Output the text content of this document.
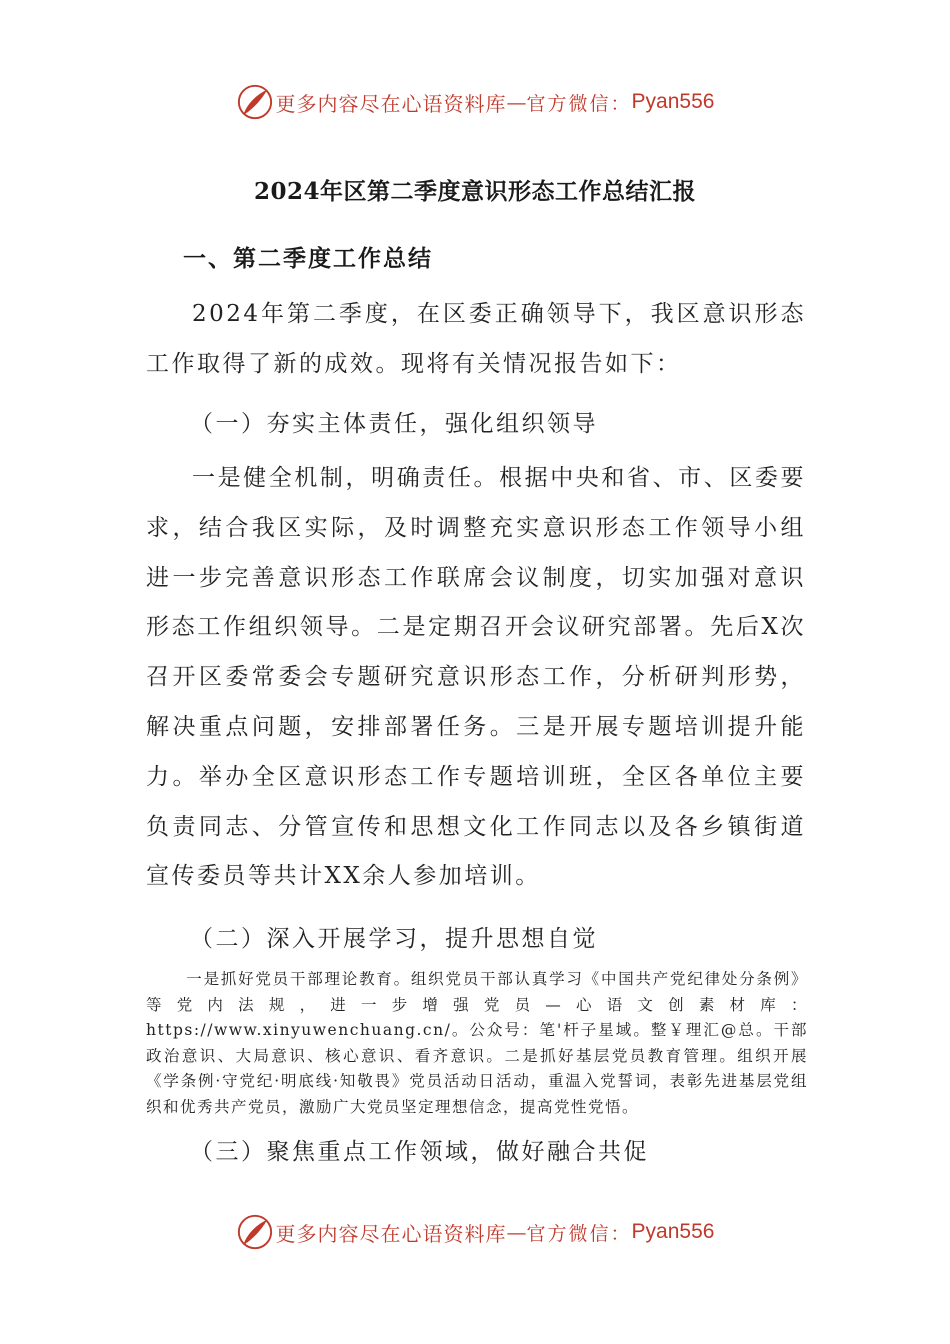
更多内容尽在心语资料库 — 官方微信： Pyan556
2024年区第二季度意识形态工作总结汇报
一、第二季度工作总结
2024年第二季度，在区委正确领导下，我区意识形态工作取得了新的成效。现将有关情况报告如下：
（一）夯实主体责任，强化组织领导
一是健全机制，明确责任。根据中央和省、市、区委要求，结合我区实际，及时调整充实意识形态工作领导小组进一步完善意识形态工作联席会议制度，切实加强对意识形态工作组织领导。二是定期召开会议研究部署。先后X次召开区委常委会专题研究意识形态工作，分析研判形势，解决重点问题，安排部署任务。三是开展专题培训提升能力。举办全区意识形态工作专题培训班，全区各单位主要负责同志、分管宣传和思想文化工作同志以及各乡镇街道宣传委员等共计XX余人参加培训。
（二）深入开展学习，提升思想自觉
一是抓好党员干部理论教育。组织党员干部认真学习《中国共产党纪律处分条例》等党内法规，进一步增强党员—心语文创素材库：https://www.xinyuwenchuang.cn/。公众号：笔'杆子星域。整￥理汇@总。干部政治意识、大局意识、核心意识、看齐意识。二是抓好基层党员教育管理。组织开展《学条例·守党纪·明底线·知敬畏》党员活动日活动，重温入党誓词，表彰先进基层党组织和优秀共产党员，激励广大党员坚定理想信念，提高党性党悟。
（三）聚焦重点工作领域，做好融合共促
更多内容尽在心语资料库 — 官方微信： Pyan556
